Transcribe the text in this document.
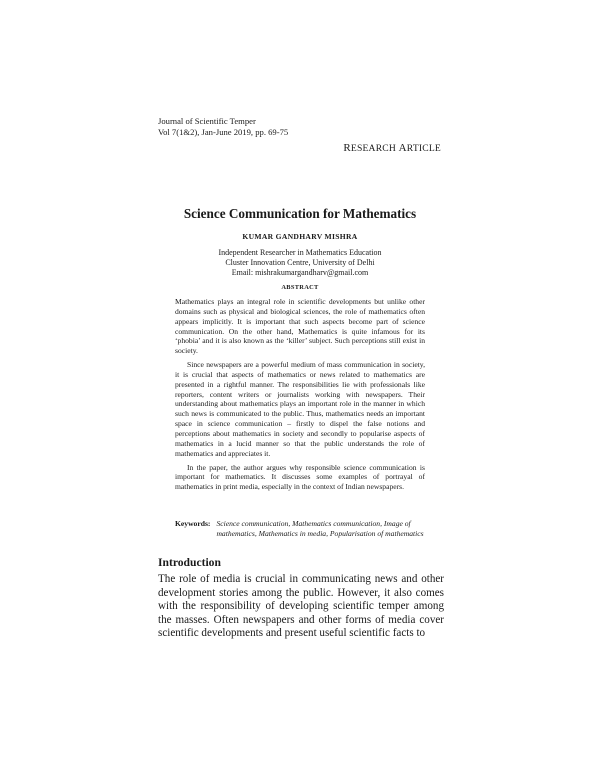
Journal of Scientific Temper
Vol 7(1&2), Jan-June 2019, pp. 69-75
RESEARCH ARTICLE
Science Communication for Mathematics
KUMAR GANDHARV MISHRA
Independent Researcher in Mathematics Education
Cluster Innovation Centre, University of Delhi
Email: mishrakumargandharv@gmail.com
ABSTRACT

Mathematics plays an integral role in scientific developments but unlike other domains such as physical and biological sciences, the role of mathematics often appears implicitly. It is important that such aspects become part of science communication. On the other hand, Mathematics is quite infamous for its ‘phobia’ and it is also known as the ‘killer’ subject. Such perceptions still exist in society.

Since newspapers are a powerful medium of mass communication in society, it is crucial that aspects of mathematics or news related to mathematics are presented in a rightful manner. The responsibilities lie with professionals like reporters, content writers or journalists working with newspapers. Their understanding about mathematics plays an important role in the manner in which such news is communicated to the public. Thus, mathematics needs an important space in science communication – firstly to dispel the false notions and perceptions about mathematics in society and secondly to popularise aspects of mathematics in a lucid manner so that the public understands the role of mathematics and appreciates it.

In the paper, the author argues why responsible science communication is important for mathematics. It discusses some examples of portrayal of mathematics in print media, especially in the context of Indian newspapers.

Keywords: Science communication, Mathematics communication, Image of mathematics, Mathematics in media, Popularisation of mathematics
Introduction

The role of media is crucial in communicating news and other development stories among the public. However, it also comes with the responsibility of developing scientific temper among the masses. Often newspapers and other forms of media cover scientific developments and present useful scientific facts to
